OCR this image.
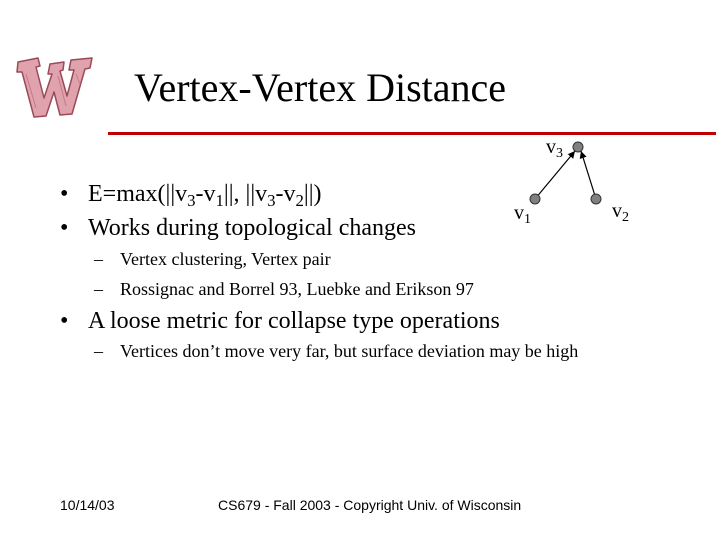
Vertex-Vertex Distance
$v_3$
$v_1$	$v_2$
• $E=\max(||v_3-v_1||$, $||v_3-v_2||$)
• Works during topological changes
– Vertex clustering, Vertex pair
– Rossignac and Borrel 93, Luebke and Erikson 97
• A loose metric for collapse type operations
– Vertices don’t move very far, but surface deviation may be high
10/14/03	CS679 - Fall 2003 - Copyright Univ. of Wisconsin
